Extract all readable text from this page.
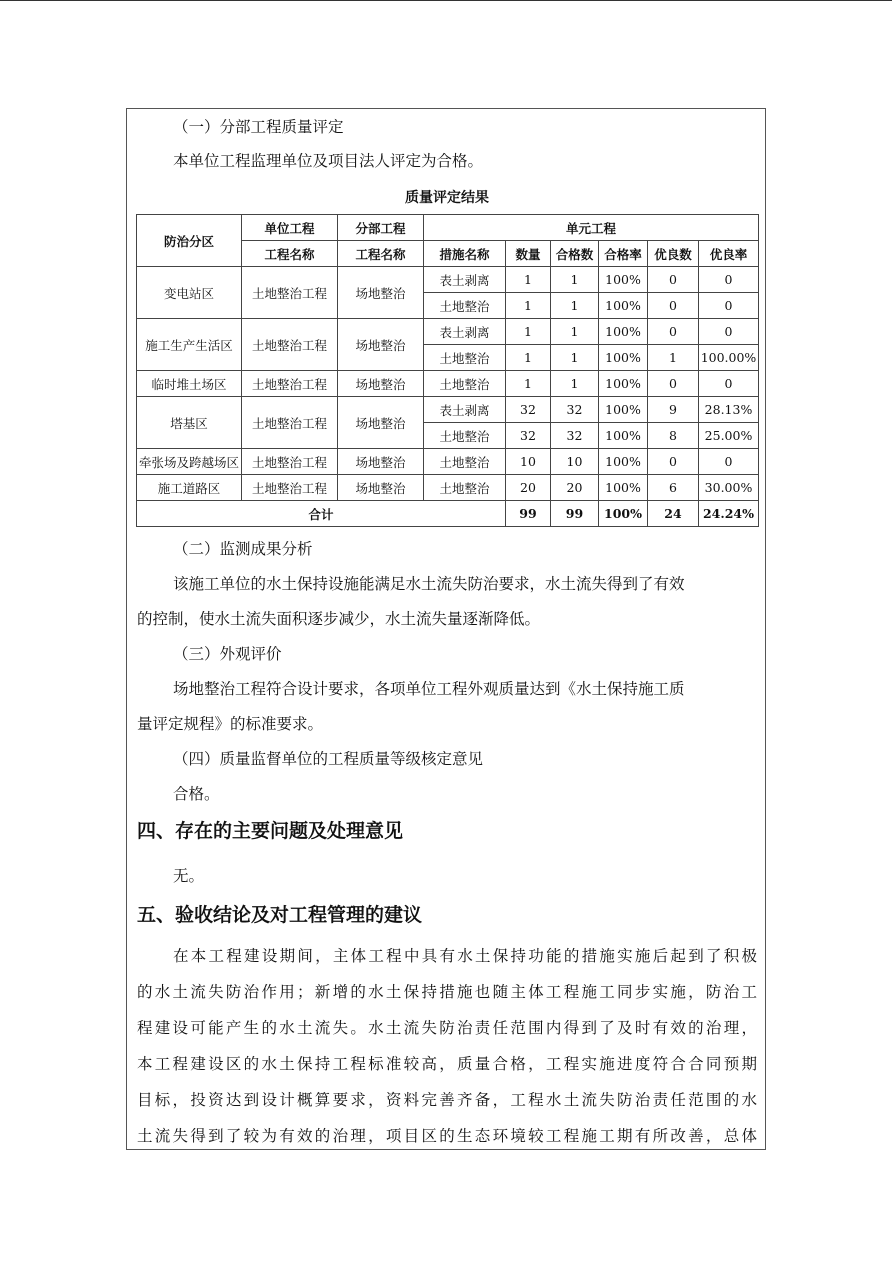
（一）分部工程质量评定
本单位工程监理单位及项目法人评定为合格。
质量评定结果
防治分区	单位工程	分部工程	单元工程					
	工程名称	工程名称	措施名称	数量	合格数	合格率	优良数	优良率
变电站区	土地整治工程	场地整治	表土剥离	1	1	100%	0	0
			土地整治	1	1	100%	0	0
施工生产生活区	土地整治工程	场地整治	表土剥离	1	1	100%	0	0
			土地整治	1	1	100%	1	100.00%
临时堆土场区	土地整治工程	场地整治	土地整治	1	1	100%	0	0
塔基区	土地整治工程	场地整治	表土剥离	32	32	100%	9	28.13%
			土地整治	32	32	100%	8	25.00%
牵张场及跨越场区	土地整治工程	场地整治	土地整治	10	10	100%	0	0
施工道路区	土地整治工程	场地整治	土地整治	20	20	100%	6	30.00%
合计				99	99	100%	24	24.24%
（二）监测成果分析
该施工单位的水土保持设施能满足水土流失防治要求，水土流失得到了有效
的控制，使水土流失面积逐步减少，水土流失量逐渐降低。
（三）外观评价
场地整治工程符合设计要求，各项单位工程外观质量达到《水土保持施工质
量评定规程》的标准要求。
（四）质量监督单位的工程质量等级核定意见
合格。
四、存在的主要问题及处理意见
无。
五、验收结论及对工程管理的建议
在本工程建设期间，主体工程中具有水土保持功能的措施实施后起到了积极
的水土流失防治作用；新增的水土保持措施也随主体工程施工同步实施，防治工
程建设可能产生的水土流失。水土流失防治责任范围内得到了及时有效的治理，
本工程建设区的水土保持工程标准较高，质量合格，工程实施进度符合合同预期
目标，投资达到设计概算要求，资料完善齐备，工程水土流失防治责任范围的水
土流失得到了较为有效的治理，项目区的生态环境较工程施工期有所改善，总体
